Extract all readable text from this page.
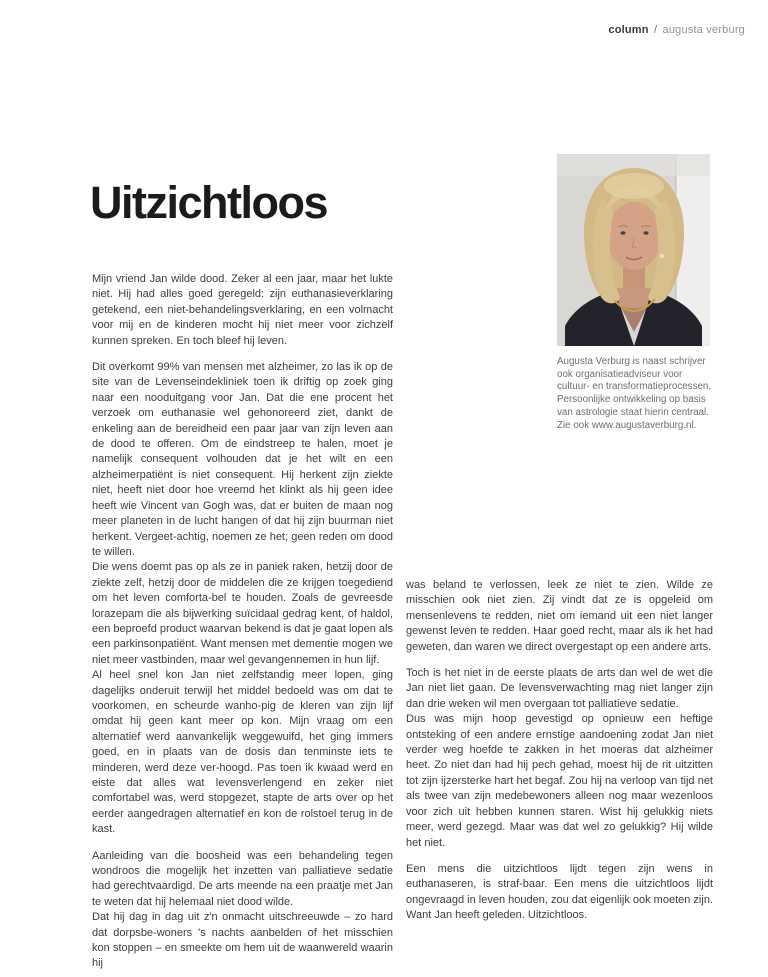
column / augusta verburg
Uitzichtloos
Augusta Verburg is naast schrijver
ook organisatieadviseur voor
cultuur- en transformatieprocessen.
Persoonlijke ontwikkeling op basis
van astrologie staat hierin centraal.
Zie ook www.augustaverburg.nl.

Mijn vriend Jan wilde dood. Zeker al een jaar, maar het lukte niet. Hij had alles goed geregeld: zijn euthanasieverklaring getekend, een niet-behandelingsverklaring, en een volmacht voor mij en de kinderen mocht hij niet meer voor zichzelf kunnen spreken. En toch bleef hij leven.

Dit overkomt 99% van mensen met alzheimer, zo las ik op de site van de Levenseindekliniek toen ik driftig op zoek ging naar een nooduitgang voor Jan. Dat die ene procent het verzoek om euthanasie wel gehonoreerd ziet, dankt de enkeling aan de bereidheid een paar jaar van zijn leven aan de dood te offeren. Om de eindstreep te halen, moet je namelijk consequent volhouden dat je het wilt en een alzheimerpatiënt is niet consequent. Hij herkent zijn ziekte niet, heeft niet door hoe vreemd het klinkt als hij geen idee heeft wie Vincent van Gogh was, dat er buiten de maan nog meer planeten in de lucht hangen of dat hij zijn buurman niet herkent. Vergeet-achtig, noemen ze het; geen reden om dood te willen.

Die wens doemt pas op als ze in paniek raken, hetzij door de ziekte zelf, hetzij door de middelen die ze krijgen toegediend om het leven comforta-bel te houden. Zoals de gevreesde lorazepam die als bijwerking suïcidaal gedrag kent, of haldol, een beproefd product waarvan bekend is dat je gaat lopen als een parkinsonpatiënt. Want mensen met dementie mogen we niet meer vastbinden, maar wel gevangennemen in hun lijf.

Al heel snel kon Jan niet zelfstandig meer lopen, ging dagelijks onderuit terwijl het middel bedoeld was om dat te voorkomen, en scheurde wanho-pig de kleren van zijn lijf omdat hij geen kant meer op kon. Mijn vraag om een alternatief werd aanvankelijk weggewuifd, het ging immers goed, en in plaats van de dosis dan tenminste iets te minderen, werd deze ver-hoogd. Pas toen ik kwaad werd en eiste dat alles wat levensverlengend en zeker niet comfortabel was, werd stopgezet, stapte de arts over op het eerder aangedragen alternatief en kon de rolstoel terug in de kast.

Aanleiding van die boosheid was een behandeling tegen wondroos die mogelijk het inzetten van palliatieve sedatie had gerechtvaardigd. De arts meende na een praatje met Jan te weten dat hij helemaal niet dood wilde.

Dat hij dag in dag uit z'n onmacht uitschreeuwde – zo hard dat dorpsbe-woners 's nachts aanbelden of het misschien kon stoppen – en smeekte om hem uit de waanwereld waarin hij

was beland te verlossen, leek ze niet te zien. Wilde ze misschien ook niet zien. Zij vindt dat ze is opgeleid om mensenlevens te redden, niet om iemand uit een niet langer gewenst leven te redden. Haar goed recht, maar als ik het had geweten, dan waren we direct overgestapt op een andere arts.

Toch is het niet in de eerste plaats de arts dan wel de wet die Jan niet liet gaan. De levensverwachting mag niet langer zijn dan drie weken wil men overgaan tot palliatieve sedatie.

Dus was mijn hoop gevestigd op opnieuw een heftige ontsteking of een andere ernstige aandoening zodat Jan niet verder weg hoefde te zakken in het moeras dat alzheimer heet. Zo niet dan had hij pech gehad, moest hij de rit uitzitten tot zijn ijzersterke hart het begaf. Zou hij na verloop van tijd net als twee van zijn medebewoners alleen nog maar wezenloos voor zich uit hebben kunnen staren. Wist hij gelukkig niets meer, werd gezegd. Maar was dat wel zo gelukkig? Hij wilde het niet.

Een mens die uitzichtloos lijdt tegen zijn wens in euthanaseren, is straf-baar. Een mens die uitzichtloos lijdt ongevraagd in leven houden, zou dat eigenlijk ook moeten zijn. Want Jan heeft geleden. Uitzichtloos.
